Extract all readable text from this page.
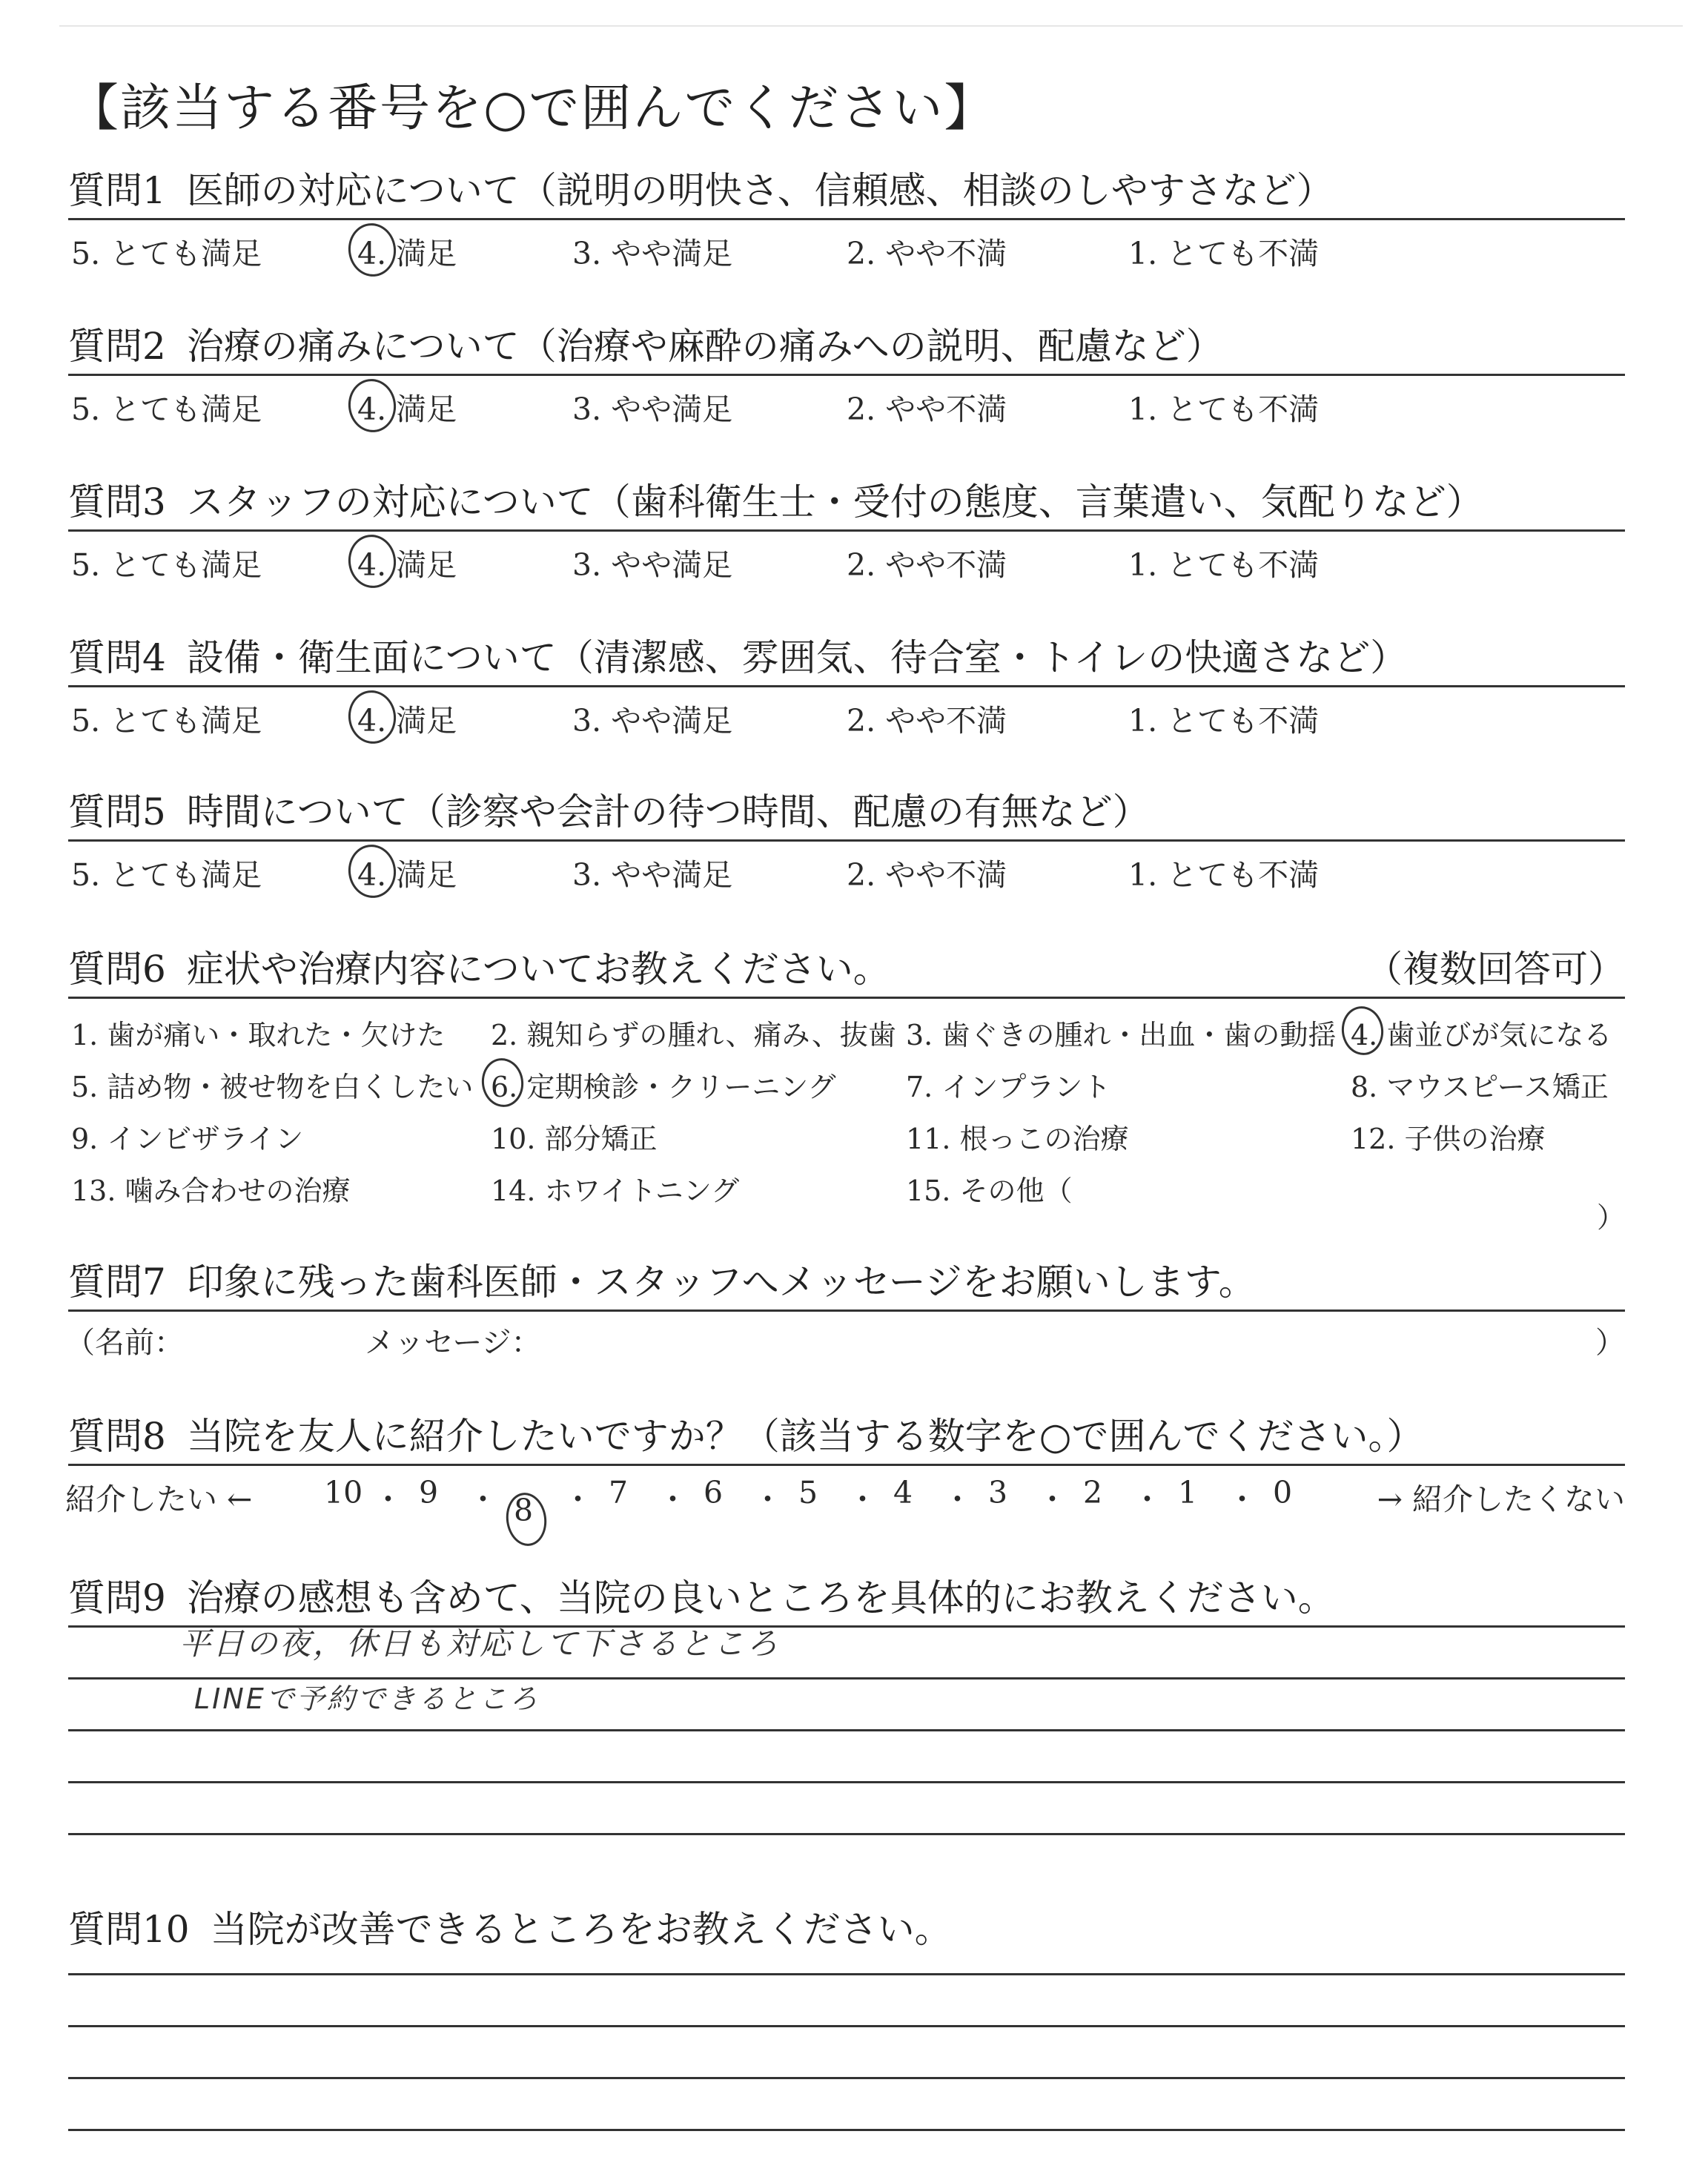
【該当する番号を○で囲んでください】
質問1 医師の対応について（説明の明快さ、信頼感、相談のしやすさなど）
5. とても満足	4. 満足	3. やや満足	2. やや不満	1. とても不満
質問2 治療の痛みについて（治療や麻酔の痛みへの説明、配慮など）
5. とても満足	4. 満足	3. やや満足	2. やや不満	1. とても不満
質問3 スタッフの対応について（歯科衛生士・受付の態度、言葉遣い、気配りなど）
5. とても満足	4. 満足	3. やや満足	2. やや不満	1. とても不満
質問4 設備・衛生面について（清潔感、雰囲気、待合室・トイレの快適さなど）
5. とても満足	4. 満足	3. やや満足	2. やや不満	1. とても不満
質問5 時間について（診察や会計の待つ時間、配慮の有無など）
5. とても満足	4. 満足	3. やや満足	2. やや不満	1. とても不満
質問6 症状や治療内容についてお教えください。	（複数回答可）
）
1. 歯が痛い・取れた・欠けた 2. 親知らずの腫れ、痛み、抜歯 3. 歯ぐきの腫れ・出血・歯の動揺 4. 歯並びが気になる
5. 詰め物・被せ物を白くしたい 6. 定期検診・クリーニング 7. インプラント	8. マウスピース矯正
9. インビザライン	10. 部分矯正	11. 根っこの治療	12. 子供の治療
13. 噛み合わせの治療	14. ホワイトニング	15. その他（
質問7 印象に残った歯科医師・スタッフへメッセージをお願いします。
（名前：	メッセージ：	）
質問8 当院を友人に紹介したいですか？（該当する数字を○で囲んでください。）
紹介したい ←	→ 紹介したくない
10 ・ 9 ・ 8 ・ 7 ・ 6 ・ 5 ・ 4 ・ 3 ・ 2 ・ 1 ・ 0
質問9 治療の感想も含めて、当院の良いところを具体的にお教えください。
平日の夜，休日も対応して下さるところ
LINEで予約できるところ
質問10 当院が改善できるところをお教えください。
